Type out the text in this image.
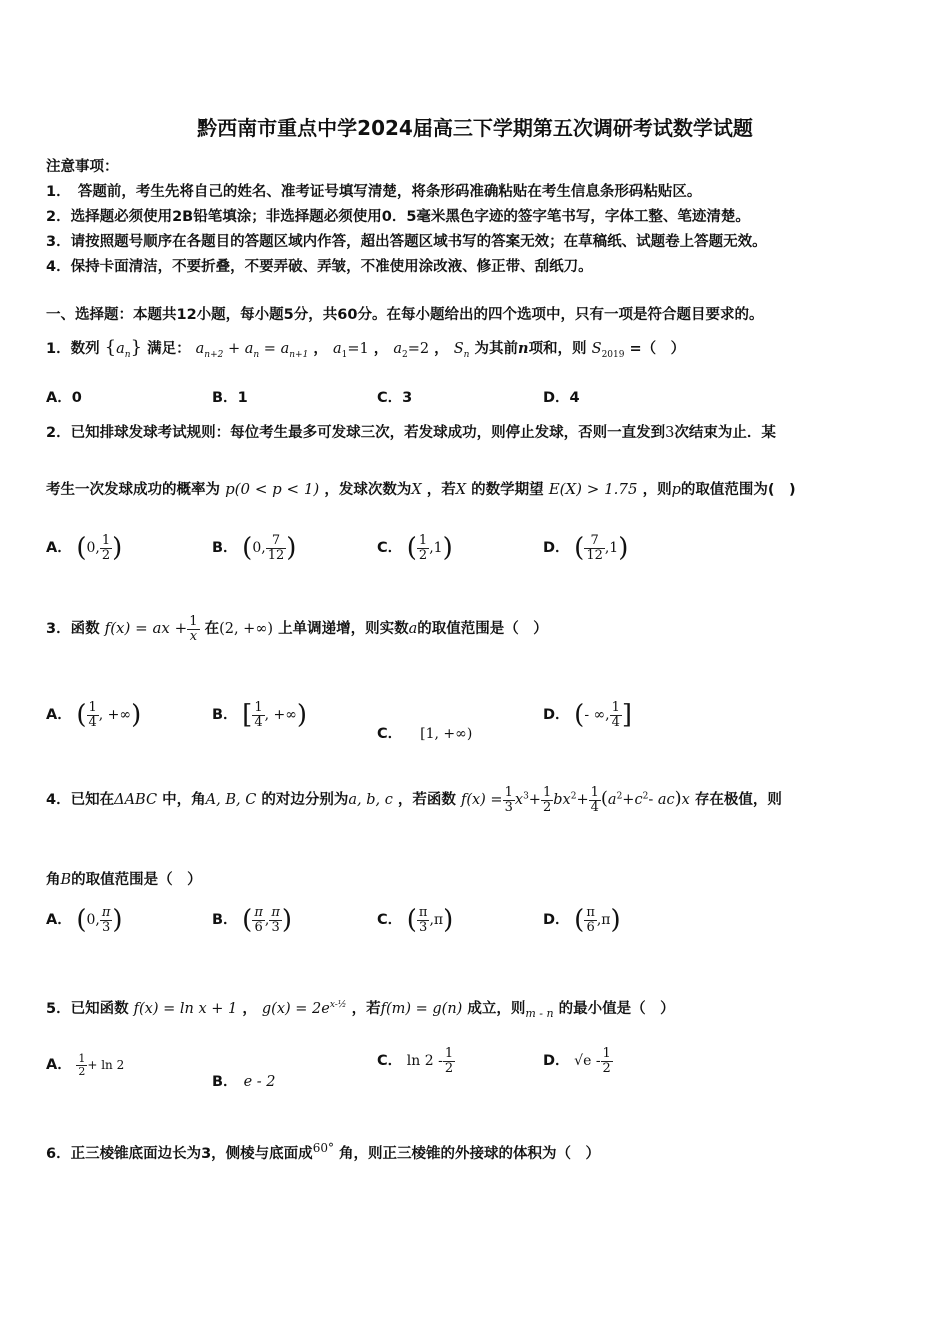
黔西南市重点中学2024届高三下学期第五次调研考试数学试题
注意事项：
1．　答题前，考生先将自己的姓名、准考证号填写清楚，将条形码准确粘贴在考生信息条形码粘贴区。
2．选择题必须使用2B铅笔填涂；非选择题必须使用0．5毫米黑色字迹的签字笔书写，字体工整、笔迹清楚。
3．请按照题号顺序在各题目的答题区域内作答，超出答题区域书写的答案无效；在草稿纸、试题卷上答题无效。
4．保持卡面清洁，不要折叠，不要弄破、弄皱，不准使用涂改液、修正带、刮纸刀。
一、选择题：本题共12小题，每小题5分，共60分。在每小题给出的四个选项中，只有一项是符合题目要求的。
1．数列 $\{a_n\}$ 满足： $a_{n+2} + a_n = a_{n+1}$ ， $a_1=1$ ， $a_2=2$ ， $S_n$ 为其前n项和，则 $S_{2019}$ =（　）
A．0	B．1	C．3	D．4
2．已知排球发球考试规则：每位考生最多可发球三次，若发球成功，则停止发球，否则一直发到3次结束为止．某
考生一次发球成功的概率为 p(0 < p < 1) ，发球次数为X ，若X 的数学期望 E(X) > 1.75 ，则p的取值范围为(　)
A． (0, $\frac{1}{2}$ )	B． (0, $\frac{7}{12}$ )	C． ( $\frac{1}{2} ,1$)	D． ( $\frac{7}{12} ,1$)
3．函数 f(x) = ax + $\frac{1}{x}$ 在(2, +∞) 上单调递增，则实数a的取值范围是（　）
A． ( $\frac{1}{4}$ , +∞)	B． [ $\frac{1}{4}$ , +∞)
C． [1, +∞)
D． (- ∞, $\frac{1}{4}$ ]
4．已知在ΔABC 中，角A, B, C 的对边分别为a, b, c ，若函数 $f(x) = \frac{1}{3} x^3+ \frac{1}{2} bx^2+ \frac{1}{4} (a^2+c^2-$ ac)x 存在极值，则
角B的取值范围是（　）
A． (0, $\frac{\pi}{3}$ )	B． ( $\frac{\pi}{6}$ , $\frac{\pi}{3}$ )	C． ( $\frac{\pi}{3} ,\pi$)	D． ( $\frac{\pi}{6} ,\pi$)
5．已知函数 f(x) = ln x + 1 ， $g(x) = 2e^{x-\frac{1}{2}}$ ，若f(m) = g(n) 成立，则$_{m - n}$ 的最小值是（　）
A． $\frac{1}{2} + \ln 2$
B． e - 2
C． $\ln 2 - \frac{1}{2}$	D． $√e - \frac{1}{2}$
6．正三棱锥底面边长为3，侧棱与底面成$^{60^\circ}$ 角，则正三棱锥的外接球的体积为（　）
